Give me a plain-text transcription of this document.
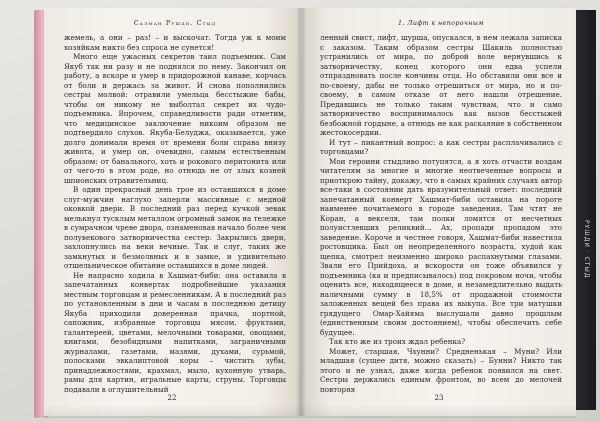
РУШДИ · СТЫД
Салман Рушди. Стыд

жемель, а они – раз! – и выскочат. Тогда уж к моим хозяйкам никто без спроса не сунется!

Много еще ужасных секретов таил подъемник. Сам Якуб так ни разу и не поднялся по нему. Закончил он работу, а вскоре и умер в придорожной канаве, корчась от боли и держась за живот. И снова пополнились сестры молвой: отравили умельца бесстыжие бабы, чтобы он никому не выболтал секрет их чудо-подъемника. Впрочем, справедливости ради отметим, что медицинское заключение никоим образом не подтвердило слухов. Якуба-Белуджа, оказывается, уже долго донимали время от времени боли справа внизу живота, и умер он, очевидно, самым естественным образом: от банального, хоть и рокового перитонита или от чего-то в этом роде, но отнюдь не от злых козней шпионских отравительниц.

В один прекрасный день трое из оставшихся в доме слуг-мужчин наглухо заперли массивные с медной оковкой двери. В последний раз перед кучкой зевак мелькнул тусклым металлом огромный замок на тележке в сумрачном чреве двора, ознаменовав начало более чем полувекового затворничества сестер. Закрылись двери, захлопнулись на веки вечные. Так и слуг, таких же замкнутых и безмолвных и в замке, и удивительно отшельническое обитание оставшихся в доме людей.

Не напрасно ходила в Хашмат-биби: она оставила в запечатанных конвертах подробнейшие указания местным торговцам и ремесленникам. А в последний раз по установленным в дни и часам в последнюю детицу Якуба приходили доверенная прачка, портной, сапожник, избранные торговцы мясом, фруктами, галантереей, цветами, мелочными товарами, овощами, книгами, безобидными напитками, заграничными журналами, газетами, мазями, духами, сурьмой, полосками эвкалиптовой коры – чистить зубы, принадлежностями, крахмал, мыло, кухонную утварь, рамы для картин, игральные карты, струны. Торговцы подавали в оглушительный

22
1. Лифт к непорочным

ленный свист, лифт, шурша, опускался, в нем лежала записка с заказом. Таким образом сестры Шакиль полностью устранились от мира, по доброй воле вернувшись к затворничеству, конец которого они едва успели отпраздновать после кончины отца. Но обставили они все и по-своему, дабы не только отрешиться от мира, но и по-своему, в самом отказе от него нашли отрешение. Предавшись не только таким чувствам, что и само затворничество воспринималось как вызов бесстыжей безбожной гордыне, а отнюдь не как раскаяние в собственном жестокосердии.

И тут – пикантный вопрос: а как сестры расплачивались с торговцами?

Мои героини стыдливо потупятся, а я хоть отчасти воздам читателям за многие и многие неотвеченные вопросы и приоткрою тайну, докажу, что в самых крайних случаях автор все-таки в состоянии дать вразумительный ответ: последний запечатанный конверт Хашмат-биби оставила на пороге наименее почитаемого в городе заведения. Там чтят не Коран, а векселя, там полки ломятся от несчетных полуистлевших реликвий... Ах, пропади пропадом это заведение. Короче и честнее говоря, Хашмат-биби навестила ростовщика. Был он неопределенного возраста, худой как щепка, смотрел неизменно широко распахнутыми глазами. Звали его Прийдоха, и вскорости он тоже объявился у подъемника (ка и предписывалось) под покровом ночи, чтобы оценить все, находящееся в доме, и незамедлительно выдать наличными сумму в 18,5% от продажной стоимости заложенных вещей без права их выкупа. Все три матушки грядущего Омар-Хайяма выслушали давно прошлым (единственным своим достоянием), чтобы обеспечить себе будущее.

Так кто же из троих ждал ребенка?

Может, старшая, Чхунни? Средненькая – Муни? Или младшая (сущее дитя, можно сказать) – Бунни? Никто так этого и не узнал, даже когда ребенок появился на свет. Сестры держались единым фронтом, во всем до мелочей повторяя

23
